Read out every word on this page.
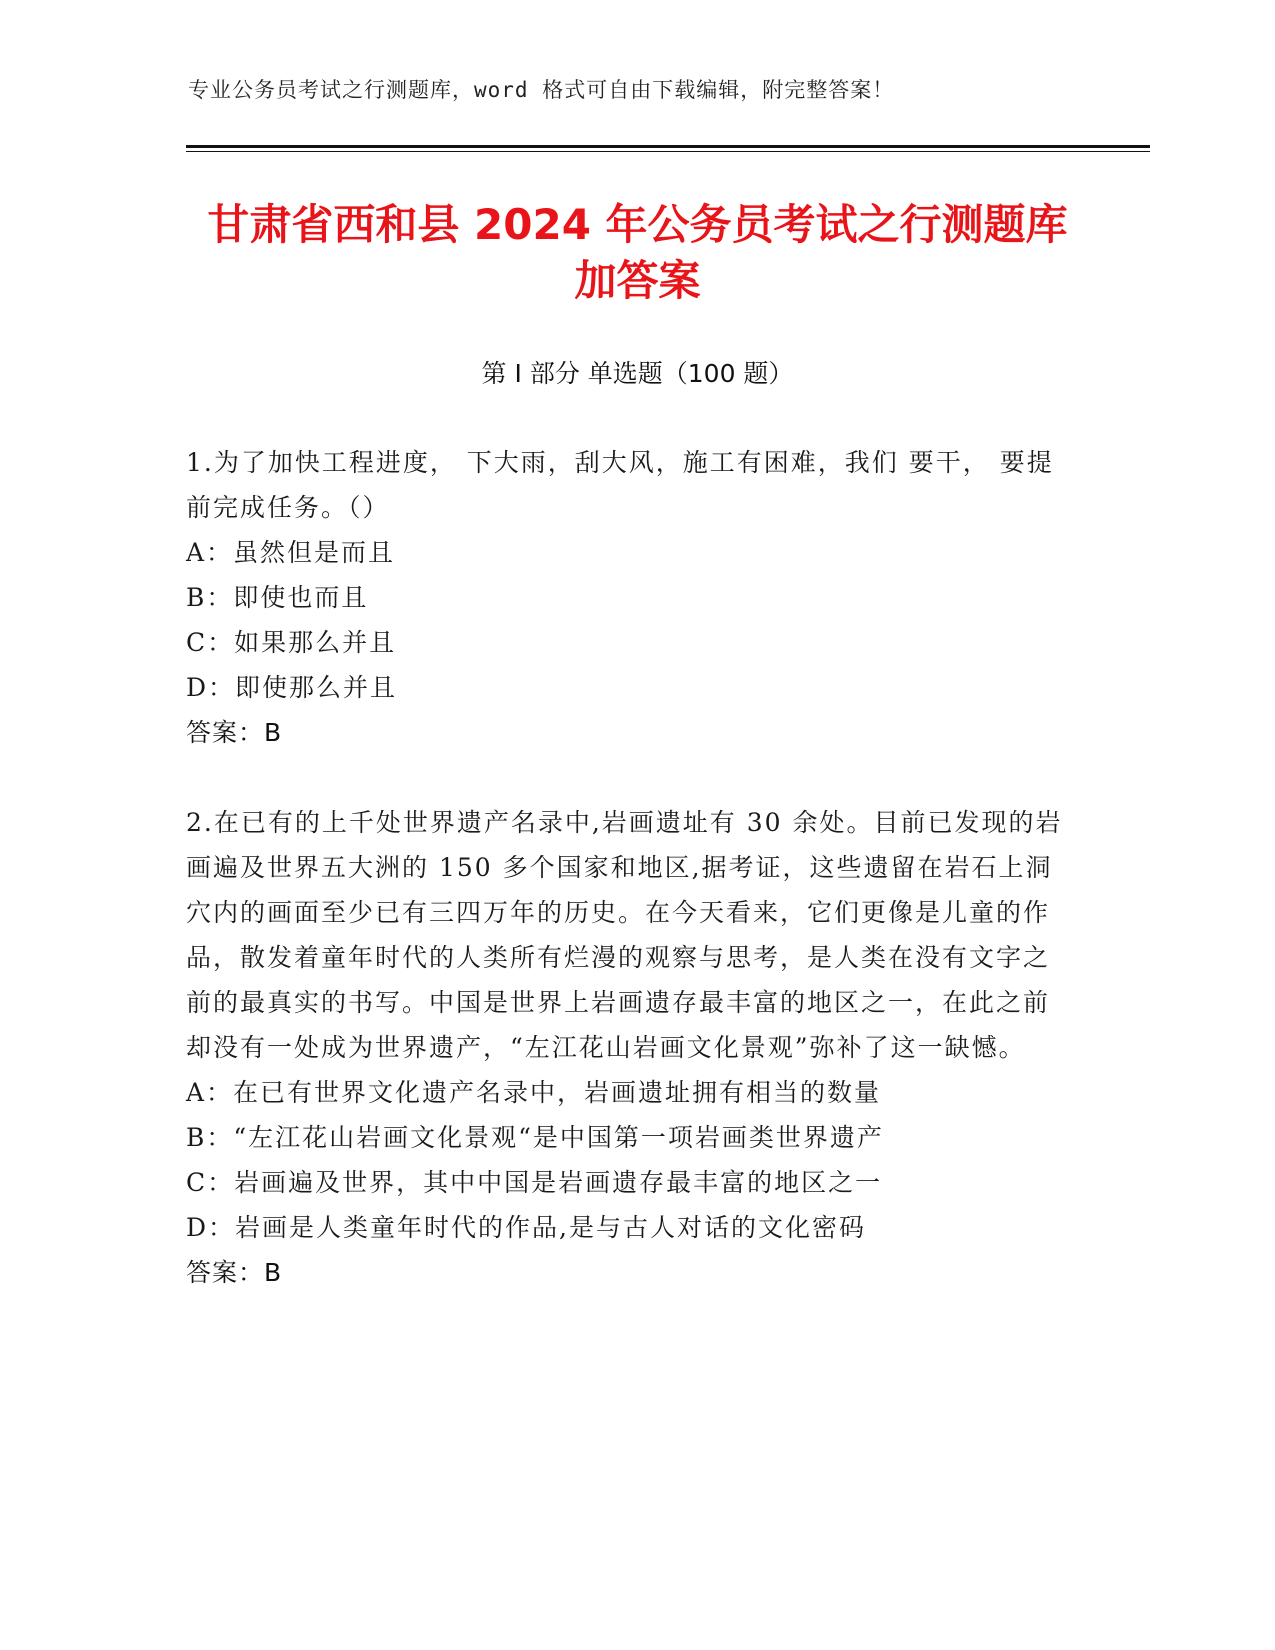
专业公务员考试之行测题库，word 格式可自由下载编辑，附完整答案！
甘肃省西和县 2024 年公务员考试之行测题库
加答案
第 I 部分 单选题（100 题）

1.为了加快工程进度， 下大雨，刮大风，施工有困难，我们 要干， 要提前完成任务。（）

A：虽然但是而且

B：即使也而且

C：如果那么并且

D：即使那么并且

答案：B

2.在已有的上千处世界遗产名录中,岩画遗址有 30 余处。目前已发现的岩画遍及世界五大洲的 150 多个国家和地区,据考证，这些遗留在岩石上洞穴内的画面至少已有三四万年的历史。在今天看来，它们更像是儿童的作品，散发着童年时代的人类所有烂漫的观察与思考，是人类在没有文字之前的最真实的书写。中国是世界上岩画遗存最丰富的地区之一，在此之前却没有一处成为世界遗产，“左江花山岩画文化景观”弥补了这一缺憾。

A：在已有世界文化遗产名录中，岩画遗址拥有相当的数量

B：“左江花山岩画文化景观“是中国第一项岩画类世界遗产

C：岩画遍及世界，其中中国是岩画遗存最丰富的地区之一

D：岩画是人类童年时代的作品,是与古人对话的文化密码

答案：B
